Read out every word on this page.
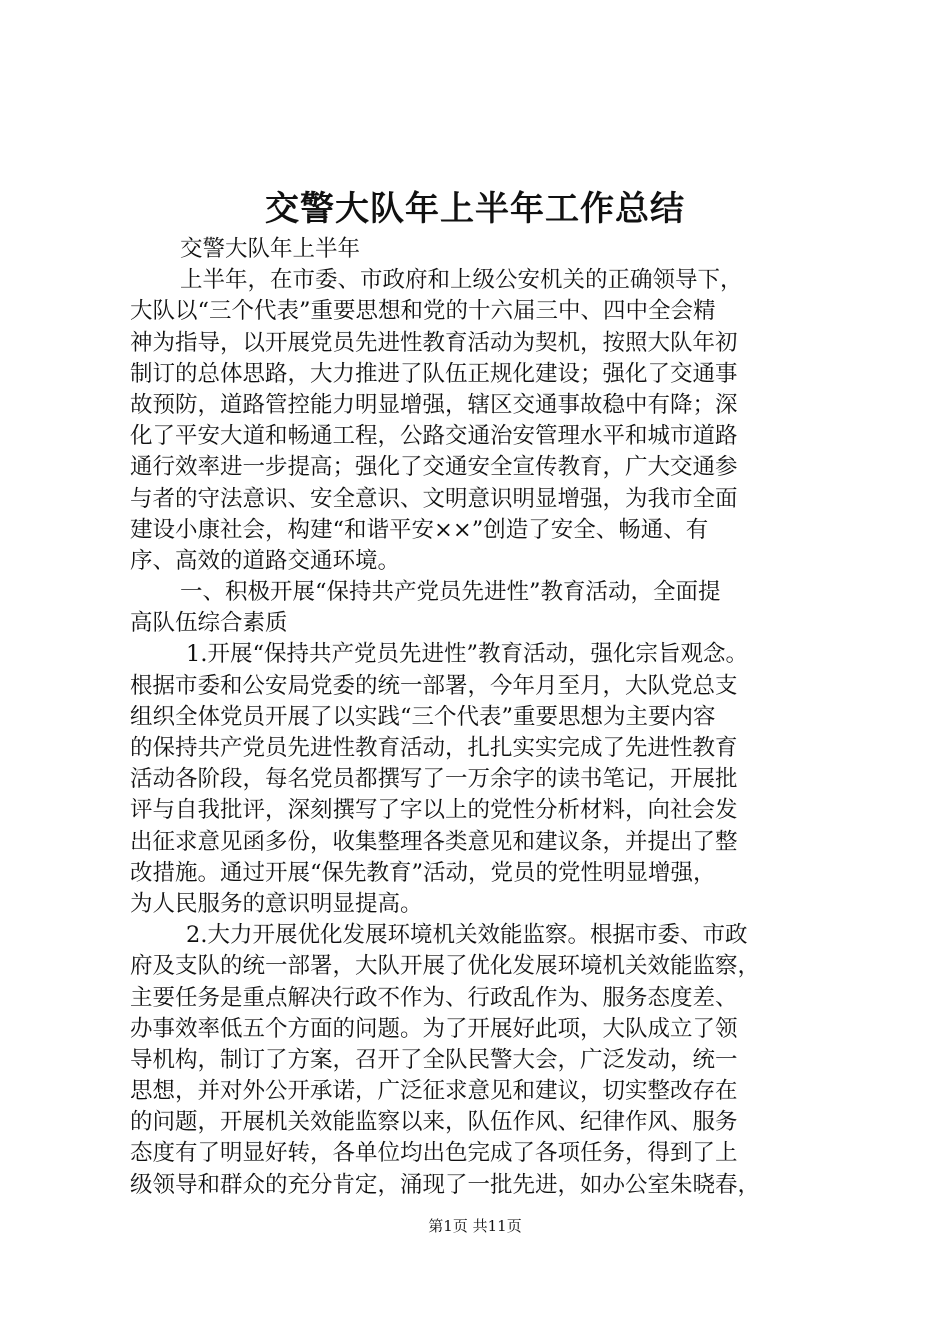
交警大队年上半年工作总结
交警大队年上半年
上半年，在市委、市政府和上级公安机关的正确领导下，
大队以“三个代表”重要思想和党的十六届三中、四中全会精
神为指导，以开展党员先进性教育活动为契机，按照大队年初
制订的总体思路，大力推进了队伍正规化建设；强化了交通事
故预防，道路管控能力明显增强，辖区交通事故稳中有降；深
化了平安大道和畅通工程，公路交通治安管理水平和城市道路
通行效率进一步提高；强化了交通安全宣传教育，广大交通参
与者的守法意识、安全意识、文明意识明显增强，为我市全面
建设小康社会，构建“和谐平安××”创造了安全、畅通、有
序、高效的道路交通环境。
一、积极开展“保持共产党员先进性”教育活动，全面提
高队伍综合素质
1.开展“保持共产党员先进性”教育活动，强化宗旨观念。
根据市委和公安局党委的统一部署，今年月至月，大队党总支
组织全体党员开展了以实践“三个代表”重要思想为主要内容
的保持共产党员先进性教育活动，扎扎实实完成了先进性教育
活动各阶段，每名党员都撰写了一万余字的读书笔记，开展批
评与自我批评，深刻撰写了字以上的党性分析材料，向社会发
出征求意见函多份，收集整理各类意见和建议条，并提出了整
改措施。通过开展“保先教育”活动，党员的党性明显增强，
为人民服务的意识明显提高。
2.大力开展优化发展环境机关效能监察。根据市委、市政
府及支队的统一部署，大队开展了优化发展环境机关效能监察，
主要任务是重点解决行政不作为、行政乱作为、服务态度差、
办事效率低五个方面的问题。为了开展好此项，大队成立了领
导机构，制订了方案，召开了全队民警大会，广泛发动，统一
思想，并对外公开承诺，广泛征求意见和建议，切实整改存在
的问题，开展机关效能监察以来，队伍作风、纪律作风、服务
态度有了明显好转，各单位均出色完成了各项任务，得到了上
级领导和群众的充分肯定，涌现了一批先进，如办公室朱晓春，
第1页 共11页
